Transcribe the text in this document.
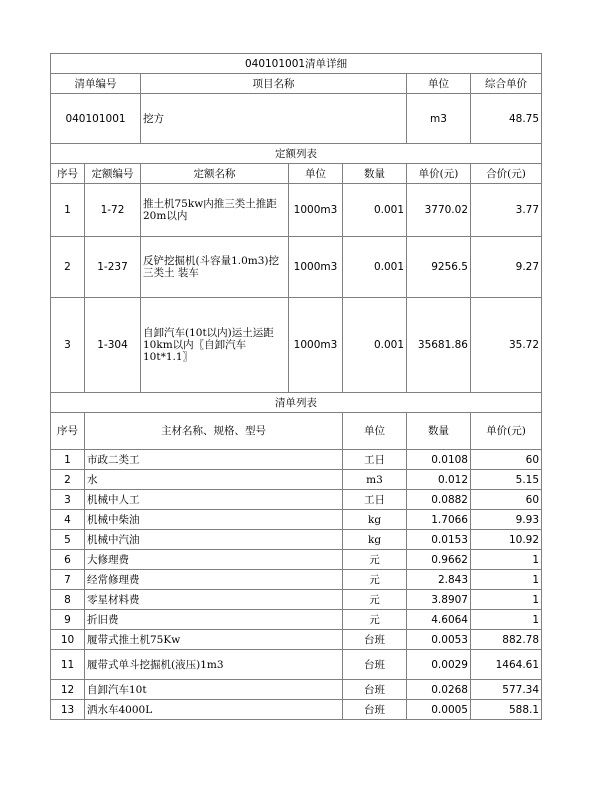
040101001清单详细							
清单编号		项目名称			单位	综合单价	
040101001		挖方			m3	48.75	
定额列表							
序号	定额编号	定额名称	单位	数量	单价(元)	合价(元)	
1	1-72	推土机75kw内推三类土推距20m以内	1000m3	0.001	3770.02	3.77	
2	1-237	反铲挖掘机(斗容量1.0m3)挖三类土 装车	1000m3	0.001	9256.5	9.27	
3	1-304	自卸汽车(10t以内)运土运距10km以内〖自卸汽车10t*1.1〗	1000m3	0.001	35681.86	35.72	
清单列表							
序号	主材名称、规格、型号			单位	数量	单价(元)	
1	市政二类工			工日	0.0108	60	
2	水			m3	0.012	5.15	
3	机械中人工			工日	0.0882	60	
4	机械中柴油			kg	1.7066	9.93	
5	机械中汽油			kg	0.0153	10.92	
6	大修理费			元	0.9662	1	
7	经常修理费			元	2.843	1	
8	零星材料费			元	3.8907	1	
9	折旧费			元	4.6064	1	
10	履带式推土机75Kw			台班	0.0053	882.78	
11	履带式单斗挖掘机(液压)1m3			台班	0.0029	1464.61	
12	自卸汽车10t			台班	0.0268	577.34	
13	洒水车4000L			台班	0.0005	588.1	
